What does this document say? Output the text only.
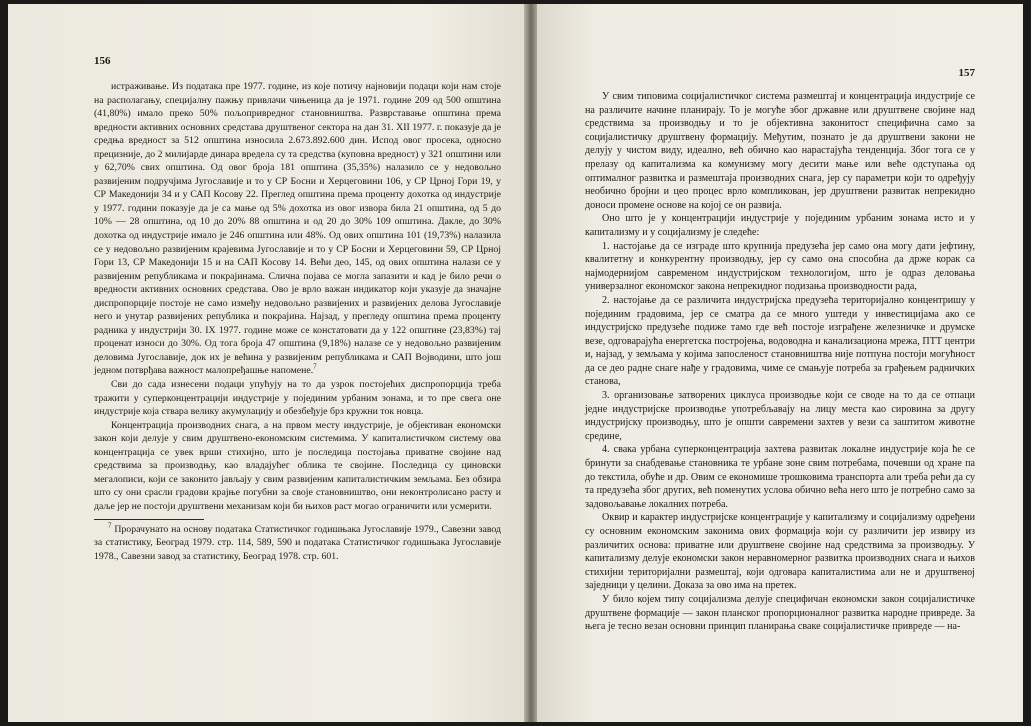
156

истраживање. Из података пре 1977. године, из које потичу најновији подаци који нам стоје на располагању, специјалну пажњу привлачи чињеница да је 1971. године 209 од 500 општина (41,80%) имало преко 50% пољопривредног становништва. Разврставање општина према вредности активних основних средстава друштвеног сектора на дан 31. XII 1977. г. показује да је средња вредност за 512 општина износила 2.673.892.600 дин. Испод овог просека, односно прецизније, до 2 милијарде динара вредела су та средства (куповна вредност) у 321 општини или у 62,70% свих општина. Од овог броја 181 општина (35,35%) налазило се у недовољно развијеним подручјима Југославије и то у СР Босни и Херцеговини 106, у СР Црној Гори 19, у СР Македонији 34 и у САП Косову 22. Преглед општина према проценту дохотка од индустрије у 1977. години показује да је са мање од 5% дохотка из овог извора била 21 општина, од 5 до 10% — 28 општина, од 10 до 20% 88 општина и од 20 до 30% 109 општина. Дакле, до 30% дохотка од индустрије имало је 246 општина или 48%. Од ових општина 101 (19,73%) налазила се у недовољно развијеним крајевима Југославије и то у СР Босни и Херцеговини 59, СР Црној Гори 13, СР Македонији 15 и на САП Косову 14. Већи део, 145, од ових општина налази се у развијеним републикама и покрајинама. Слична појава се могла запазити и кад је било речи о вредности активних основних средстава. Ово је врло важан индикатор који указује да значајне диспропорције постоје не само између недовољно развијених и развијених делова Југославије него и унутар развијених република и покрајина. Најзад, у прегледу општина према проценту радника у индустрији 30. IX 1977. године може се констатовати да у 122 општине (23,83%) тај проценат износи до 30%. Од тога броја 47 општина (9,18%) налазе се у недовољно развијеним деловима Југославије, док их је већина у развијеним републикама и САП Војводини, што још једном потврђава важност малопређашње напомене.$^7$

Сви до сада изнесени подаци упућују на то да узрок постојећих диспропорција треба тражити у суперконцентрацији индустрије у појединим урбаним зонама, и то пре свега оне индустрије која ствара велику акумулацију и обезбеђује брз кружни ток новца.

Концентрација производних снага, а на првом месту индустрије, је објективан економски закон који делује у свим друштвено-економским системима. У капиталистичком систему ова концентрација се увек врши стихијно, што је последица постојања приватне својине над средствима за производњу, као владајућег облика те својине. Последица су циновски мегалописи, који се законито јављају у свим развијеним капиталистичким земљама. Без обзира што су они срасли градови крајње погубни за своје становништво, они неконтролисано расту и даље јер не постоји друштвени механизам који би њихов раст могао ограничити или усмерити.

$^7$ Прорачунато на основу података Статистичког годишњака Југославије 1979., Савезни завод за статистику, Београд 1979. стр. 114, 589, 590 и података Статистичког годишњака Југославије 1978., Савезни завод за статистику, Београд 1978. стр. 601.

157

У свим типовима социјалистичког система размештај и концентрација индустрије се на различите начине планирају. То је могуће због државне или друштвене својине над средствима за производњу и то је објективна законитост специфична само за социјалистичку друштвену формацију. Међутим, познато је да друштвени закони не делују у чистом виду, идеално, већ обично као нарастајућа тенденција. Због тога се у прелазу од капитализма ка комунизму могу десити мање или веће одступања од оптималног развитка и размештаја производних снага, јер су параметри који то одређују необично бројни и цео процес врло компликован, јер друштвени развитак непрекидно доноси промене основе на којој се он развија.

Оно што је у концентрацији индустрије у појединим урбаним зонама исто и у капитализму и у социјализму је следеће:

1. настојање да се изграде што крупнија предузећа јер само она могу дати јефтину, квалитетну и конкурентну производњу, јер су само она способна да држе корак са најмодернијом савременом индустријском технологијом, што је одраз деловања универзалног економског закона непрекидног подизања производности рада,

2. настојање да се различита индустријска предузећа територијално концентришу у појединим градовима, јер се сматра да се много уштеди у инвестицијама ако се индустријско предузеће подиже тамо где већ постоје изграђене железничке и друмске везе, одговарајућа енергетска постројења, водоводна и канализациона мрежа, ПТТ центри и, најзад, у земљама у којима запосленост становништва није потпуна постоји могућност да се део радне снаге нађе у градовима, чиме се смањује потреба за грађењем радничких станова,

3. организовање затворених циклуса производње који се своде на то да се отпаци једне индустријске производње употребљавају на лицу места као сировина за другу индустријску производњу, што је општи савремени захтев у вези са заштитом животне средине,

4. свака урбана суперконцентрација захтева развитак локалне индустрије која ће се бринути за снабдевање становника те урбане зоне свим потребама, почевши од хране па до текстила, обуће и др. Овим се економише трошковима транспорта али треба рећи да су та предузећа због других, већ поменутих услова обично већа него што је потребно само за задовољавање локалних потреба.

Оквир и карактер индустријске концентрације у капитализму и социјализму одређени су основним економским законима ових формација који су различити јер извиру из различитих основа: приватне или друштвене својине над средствима за производњу. У капитализму делује економски закон неравномерног развитка производних снага и њихов стихијни територијални размештај, који одговара капиталистима али не и друштвеној заједници у целини. Доказа за ово има на претек.

У било којем типу социјализма делује специфичан економски закон социјалистичке друштвене формације — закон планског пропорционалног развитка народне привреде. За њега је тесно везан основни принцип планирања сваке социјалистичке привреде — на-
